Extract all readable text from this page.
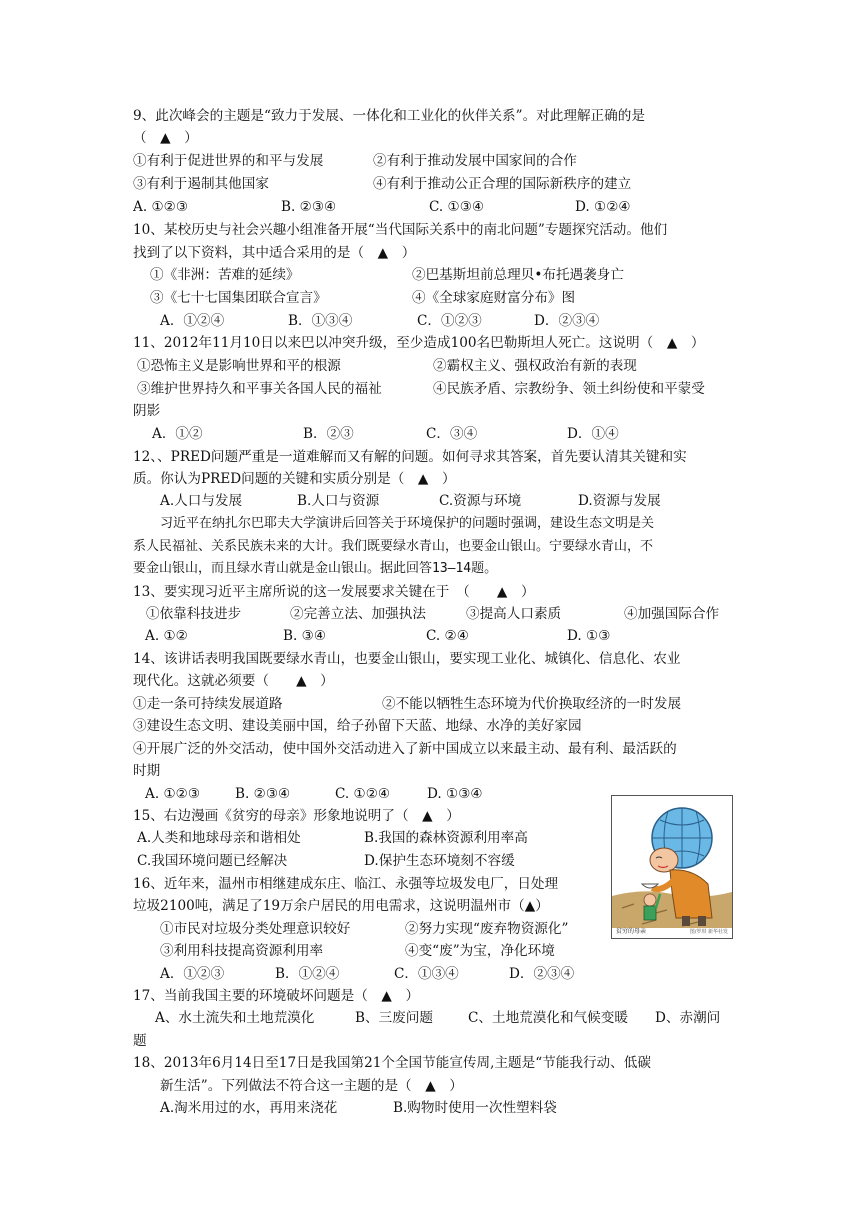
9、此次峰会的主题是“致力于发展、一体化和工业化的伙伴关系”。对此理解正确的是
（　▲　）
①有利于促进世界的和平与发展	②有利于推动发展中国家间的合作
③有利于遏制其他国家	④有利于推动公正合理的国际新秩序的建立
A. ①②③	B. ②③④	C. ①③④	D. ①②④
10、某校历史与社会兴趣小组准备开展“当代国际关系中的南北问题”专题探究活动。他们
找到了以下资料，其中适合采用的是（　▲　）
①《非洲：苦难的延续》	②巴基斯坦前总理贝•布托遇袭身亡
③《七十七国集团联合宣言》	④《全球家庭财富分布》图
A．①②④	B．①③④	C．①②③	D．②③④
11、2012年11月10日以来巴以冲突升级，至少造成100名巴勒斯坦人死亡。这说明（　▲　）
①恐怖主义是影响世界和平的根源	②霸权主义、强权政治有新的表现
③维护世界持久和平事关各国人民的福祉	④民族矛盾、宗教纷争、领土纠纷使和平蒙受
阴影
A．①②	B．②③	C．③④	D．①④
12、、PRED问题严重是一道难解而又有解的问题。如何寻求其答案，首先要认清其关键和实
质。你认为PRED问题的关键和实质分别是（　▲　）
A.人口与发展	B.人口与资源	C.资源与环境	D.资源与发展
习近平在纳扎尔巴耶夫大学演讲后回答关于环境保护的问题时强调，建设生态文明是关
系人民福祉、关系民族未来的大计。我们既要绿水青山，也要金山银山。宁要绿水青山，不
要金山银山，而且绿水青山就是金山银山。据此回答13—14题。
13、要实现习近平主席所说的这一发展要求关键在于　（　　▲　）
①依靠科技进步	②完善立法、加强执法	③提高人口素质	④加强国际合作
A. ①②	B. ③④	C. ②④	D. ①③
14、该讲话表明我国既要绿水青山，也要金山银山，要实现工业化、城镇化、信息化、农业
现代化。这就必须要（　　▲　）
①走一条可持续发展道路	②不能以牺牲生态环境为代价换取经济的一时发展
③建设生态文明、建设美丽中国，给子孙留下天蓝、地绿、水净的美好家园
④开展广泛的外交活动，使中国外交活动进入了新中国成立以来最主动、最有利、最活跃的
时期
A. ①②③	B. ②③④	C. ①②④	D. ①③④
15、右边漫画《贫穷的母亲》形象地说明了（　▲　）
A.人类和地球母亲和谐相处	B.我国的森林资源利用率高
C.我国环境问题已经解决	D.保护生态环境刻不容缓
贫穷的母亲	图/罗琪 新华社发
16、近年来，温州市相继建成东庄、临江、永强等垃圾发电厂，日处理
垃圾2100吨，满足了19万余户居民的用电需求，这说明温州市（▲）
①市民对垃圾分类处理意识较好	②努力实现“废弃物资源化”
③利用科技提高资源利用率	④变“废”为宝，净化环境
A．①②③	B．①②④	C．①③④	D．②③④
17、当前我国主要的环境破坏问题是（　▲　）
A、水土流失和土地荒漠化	B、三废问题	C、土地荒漠化和气候变暖 D、赤潮问
题
18、2013年6月14日至17日是我国第21个全国节能宣传周,主题是“节能我行动、低碳
新生活”。下列做法不符合这一主题的是（　▲　）
A.淘米用过的水，再用来浇花	B.购物时使用一次性塑料袋
